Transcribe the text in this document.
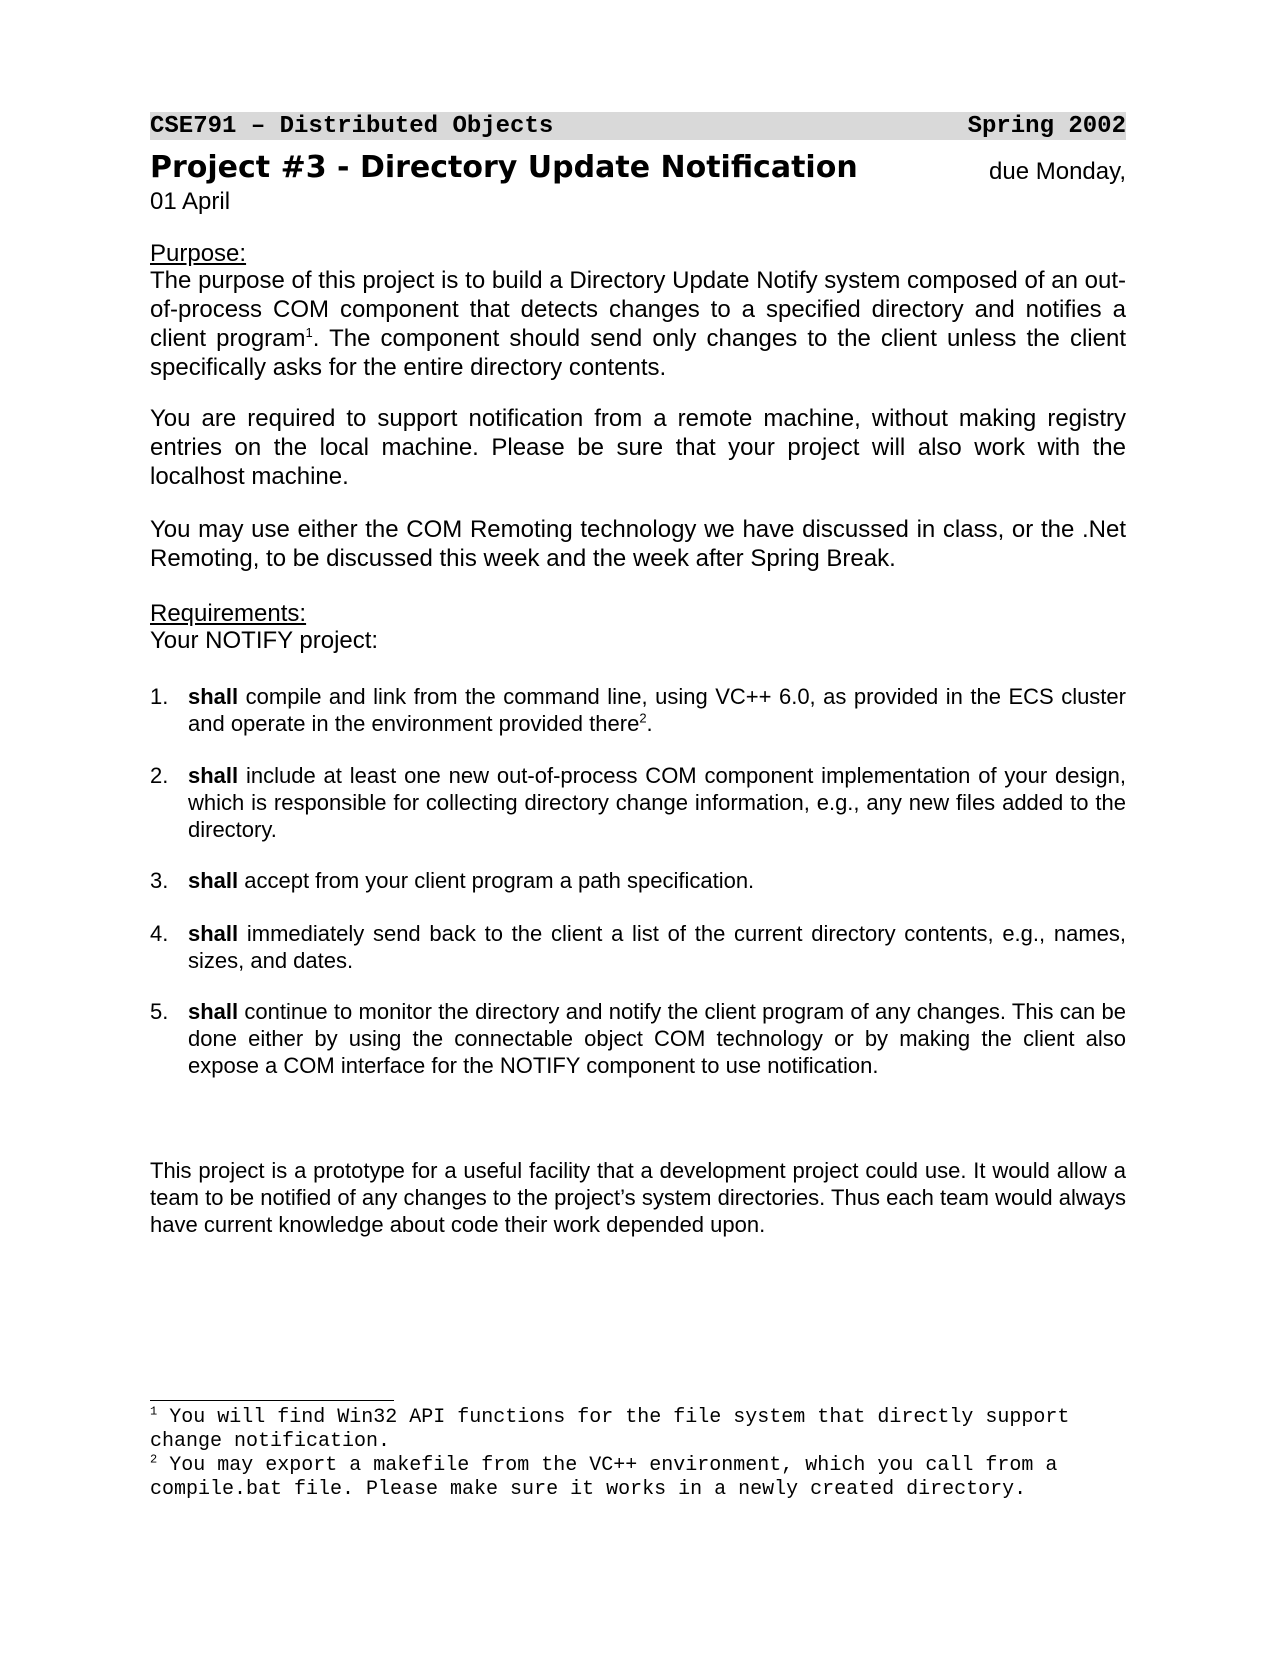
CSE791 – Distributed Objects	Spring 2002
Project #3 - Directory Update Notification	due Monday,
01 April
Purpose:

The purpose of this project is to build a Directory Update Notify system composed of an out-of-process COM component that detects changes to a specified directory and notifies a client program$^1$. The component should send only changes to the client unless the client specifically asks for the entire directory contents.

You are required to support notification from a remote machine, without making registry entries on the local machine. Please be sure that your project will also work with the localhost machine.

You may use either the COM Remoting technology we have discussed in class, or the .Net Remoting, to be discussed this week and the week after Spring Break.

Requirements:
Your NOTIFY project:
1. shall compile and link from the command line, using VC++ 6.0, as provided in the ECS cluster and operate in the environment provided there$^2$.
2. shall include at least one new out-of-process COM component implementation of your design, which is responsible for collecting directory change information, e.g., any new files added to the directory.
3. shall accept from your client program a path specification.
4. shall immediately send back to the client a list of the current directory contents, e.g., names, sizes, and dates.
5. shall continue to monitor the directory and notify the client program of any changes. This can be done either by using the connectable object COM technology or by making the client also expose a COM interface for the NOTIFY component to use notification.

This project is a prototype for a useful facility that a development project could use. It would allow a team to be notified of any changes to the project’s system directories. Thus each team would always have current knowledge about code their work depended upon.

$^1$ You will find Win32 API functions for the file system that directly support change notification.

$^2$ You may export a makefile from the VC++ environment, which you call from a compile.bat file. Please make sure it works in a newly created directory.
